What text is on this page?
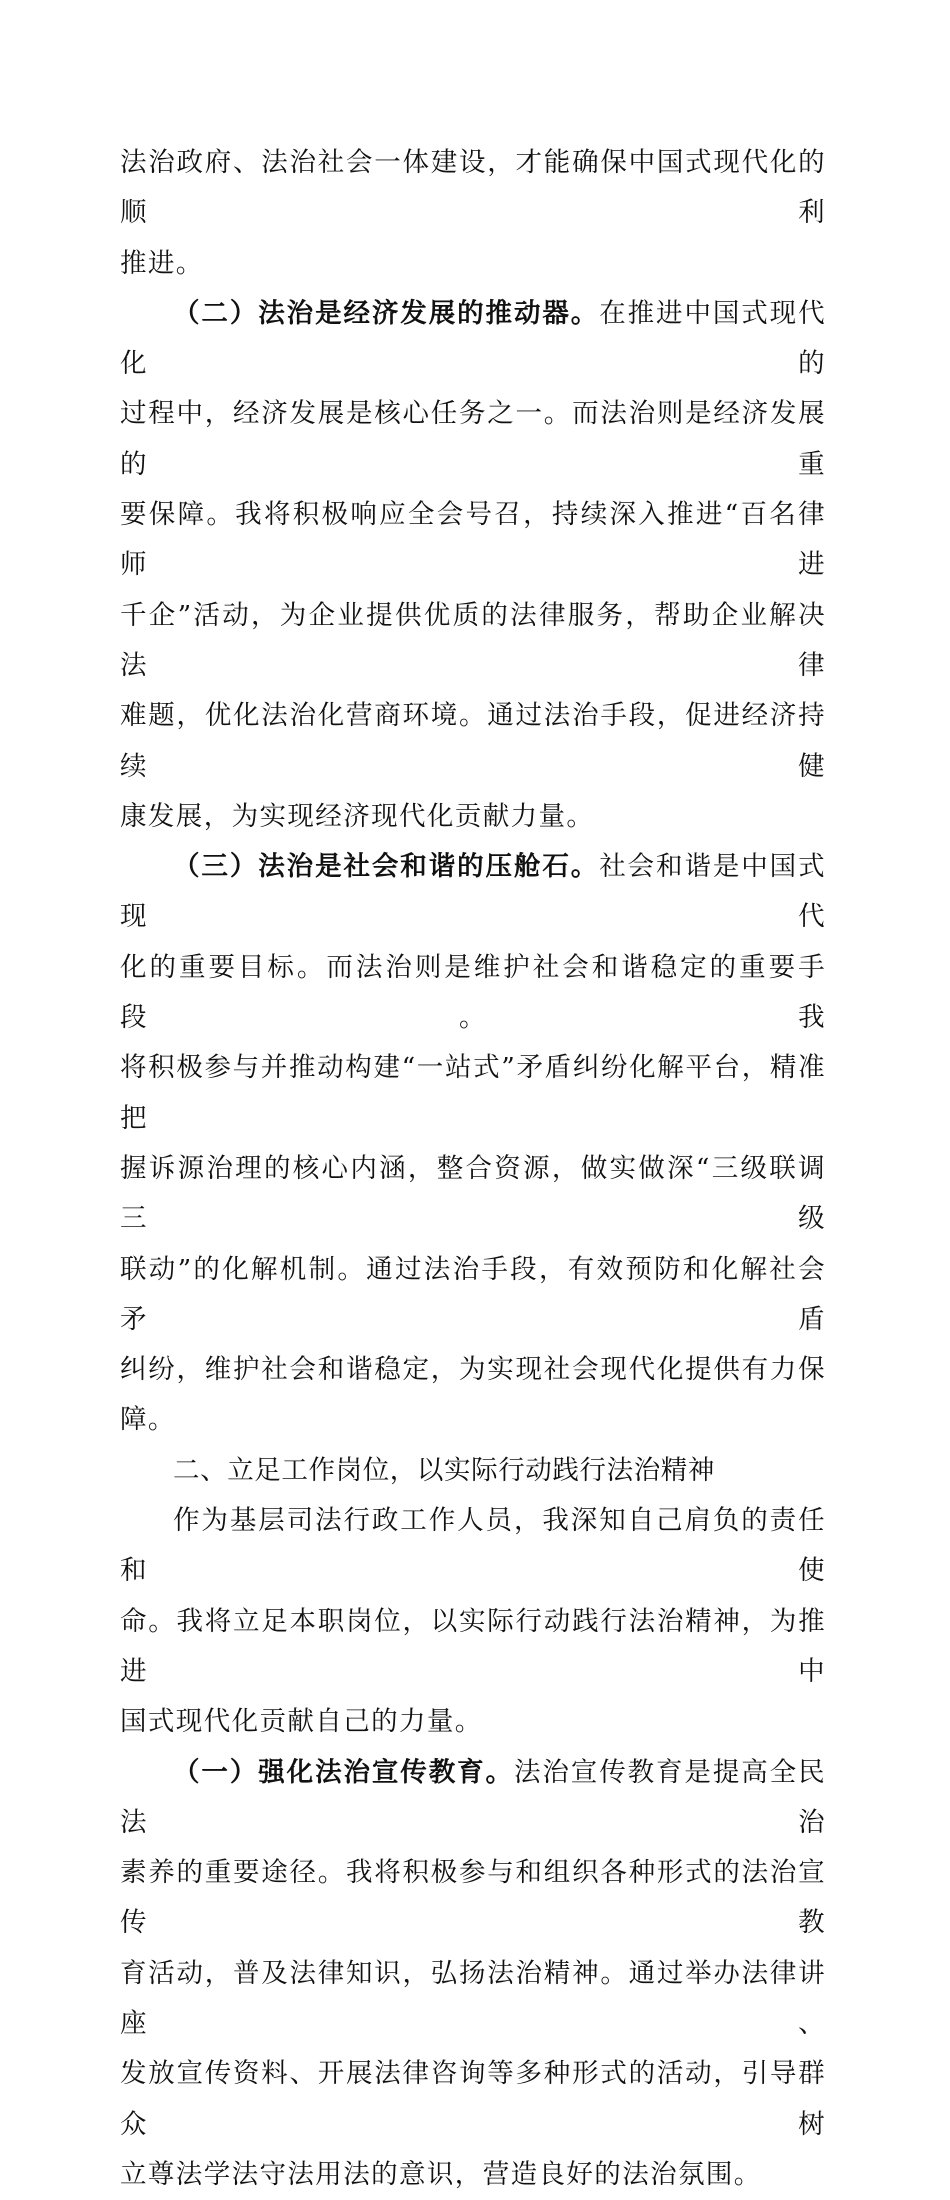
法治政府、法治社会一体建设，才能确保中国式现代化的顺利
推进。

（二）法治是经济发展的推动器。在推进中国式现代化的
过程中，经济发展是核心任务之一。而法治则是经济发展的重
要保障。我将积极响应全会号召，持续深入推进“百名律师进
千企”活动，为企业提供优质的法律服务，帮助企业解决法律
难题，优化法治化营商环境。通过法治手段，促进经济持续健
康发展，为实现经济现代化贡献力量。

（三）法治是社会和谐的压舱石。社会和谐是中国式现代
化的重要目标。而法治则是维护社会和谐稳定的重要手段。我
将积极参与并推动构建“一站式”矛盾纠纷化解平台，精准把
握诉源治理的核心内涵，整合资源，做实做深“三级联调三级
联动”的化解机制。通过法治手段，有效预防和化解社会矛盾
纠纷，维护社会和谐稳定，为实现社会现代化提供有力保障。

二、立足工作岗位，以实际行动践行法治精神

作为基层司法行政工作人员，我深知自己肩负的责任和使
命。我将立足本职岗位，以实际行动践行法治精神，为推进中
国式现代化贡献自己的力量。

（一）强化法治宣传教育。法治宣传教育是提高全民法治
素养的重要途径。我将积极参与和组织各种形式的法治宣传教
育活动，普及法律知识，弘扬法治精神。通过举办法律讲座、
发放宣传资料、开展法律咨询等多种形式的活动，引导群众树
立尊法学法守法用法的意识，营造良好的法治氛围。
